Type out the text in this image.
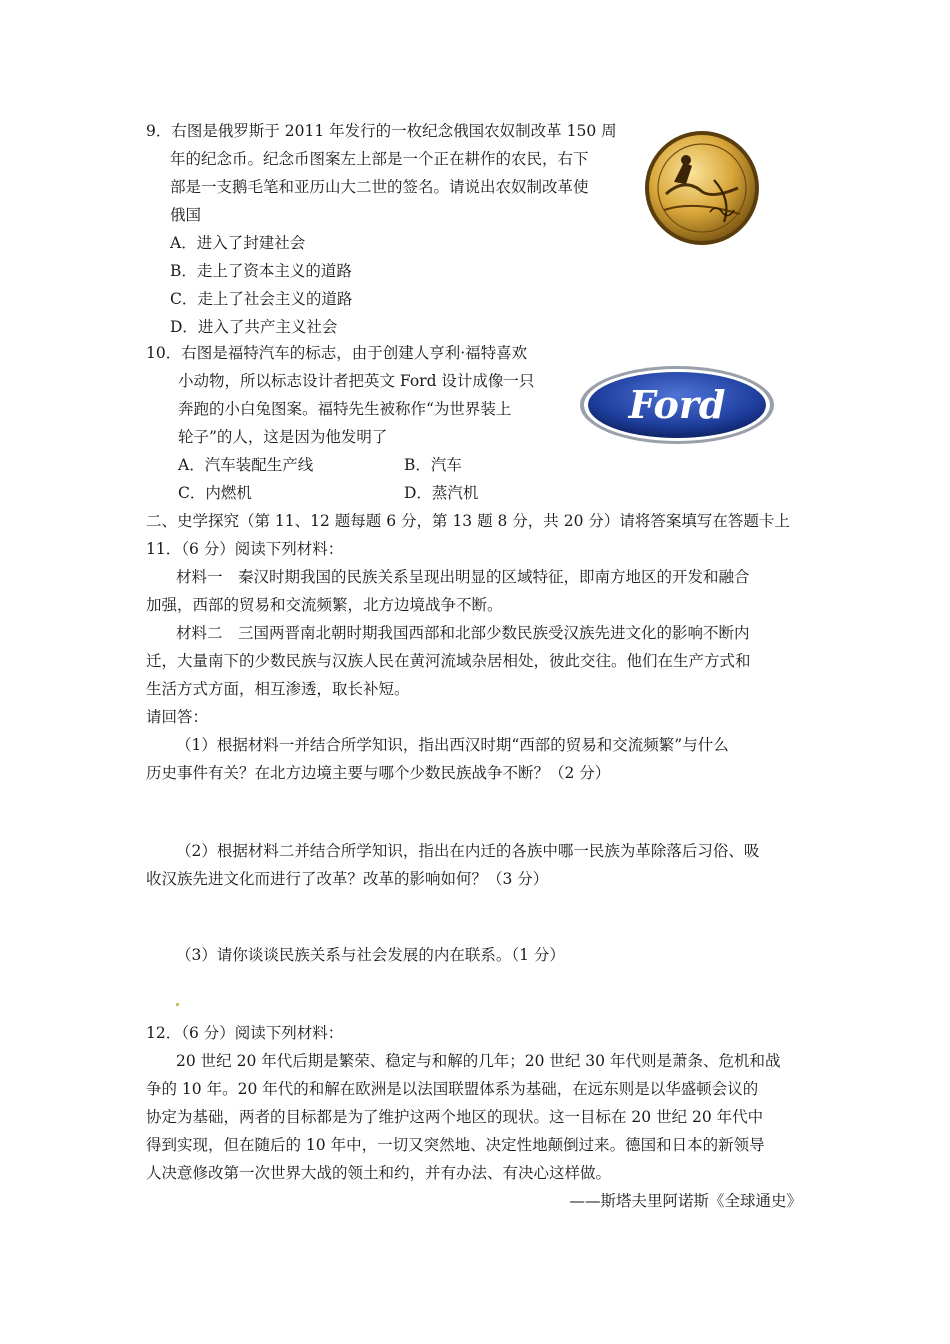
9．右图是俄罗斯于 2011 年发行的一枚纪念俄国农奴制改革 150 周
年的纪念币。纪念币图案左上部是一个正在耕作的农民，右下
部是一支鹅毛笔和亚历山大二世的签名。请说出农奴制改革使
俄国
A．进入了封建社会
B．走上了资本主义的道路
C．走上了社会主义的道路
D．进入了共产主义社会
10．右图是福特汽车的标志，由于创建人亨利·福特喜欢
小动物，所以标志设计者把英文 Ford 设计成像一只
奔跑的小白兔图案。福特先生被称作“为世界装上
轮子”的人，这是因为他发明了
A．汽车装配生产线	B．汽车
C．内燃机	D．蒸汽机
Ford
二、史学探究（第 11、12 题每题 6 分，第 13 题 8 分，共 20 分）请将答案填写在答题卡上
11．（6 分）阅读下列材料：
材料一　秦汉时期我国的民族关系呈现出明显的区域特征，即南方地区的开发和融合
加强，西部的贸易和交流频繁，北方边境战争不断。
材料二　三国两晋南北朝时期我国西部和北部少数民族受汉族先进文化的影响不断内
迁，大量南下的少数民族与汉族人民在黄河流域杂居相处，彼此交往。他们在生产方式和
生活方式方面，相互渗透，取长补短。
请回答：
（1）根据材料一并结合所学知识，指出西汉时期“西部的贸易和交流频繁”与什么
历史事件有关？在北方边境主要与哪个少数民族战争不断？（2 分）
（2）根据材料二并结合所学知识，指出在内迁的各族中哪一民族为革除落后习俗、吸
收汉族先进文化而进行了改革？改革的影响如何？（3 分）
（3）请你谈谈民族关系与社会发展的内在联系。（1 分）
12．（6 分）阅读下列材料：
20 世纪 20 年代后期是繁荣、稳定与和解的几年；20 世纪 30 年代则是萧条、危机和战
争的 10 年。20 年代的和解在欧洲是以法国联盟体系为基础，在远东则是以华盛顿会议的
协定为基础，两者的目标都是为了维护这两个地区的现状。这一目标在 20 世纪 20 年代中
得到实现，但在随后的 10 年中，一切又突然地、决定性地颠倒过来。德国和日本的新领导
人决意修改第一次世界大战的领土和约，并有办法、有决心这样做。
——斯塔夫里阿诺斯《全球通史》
